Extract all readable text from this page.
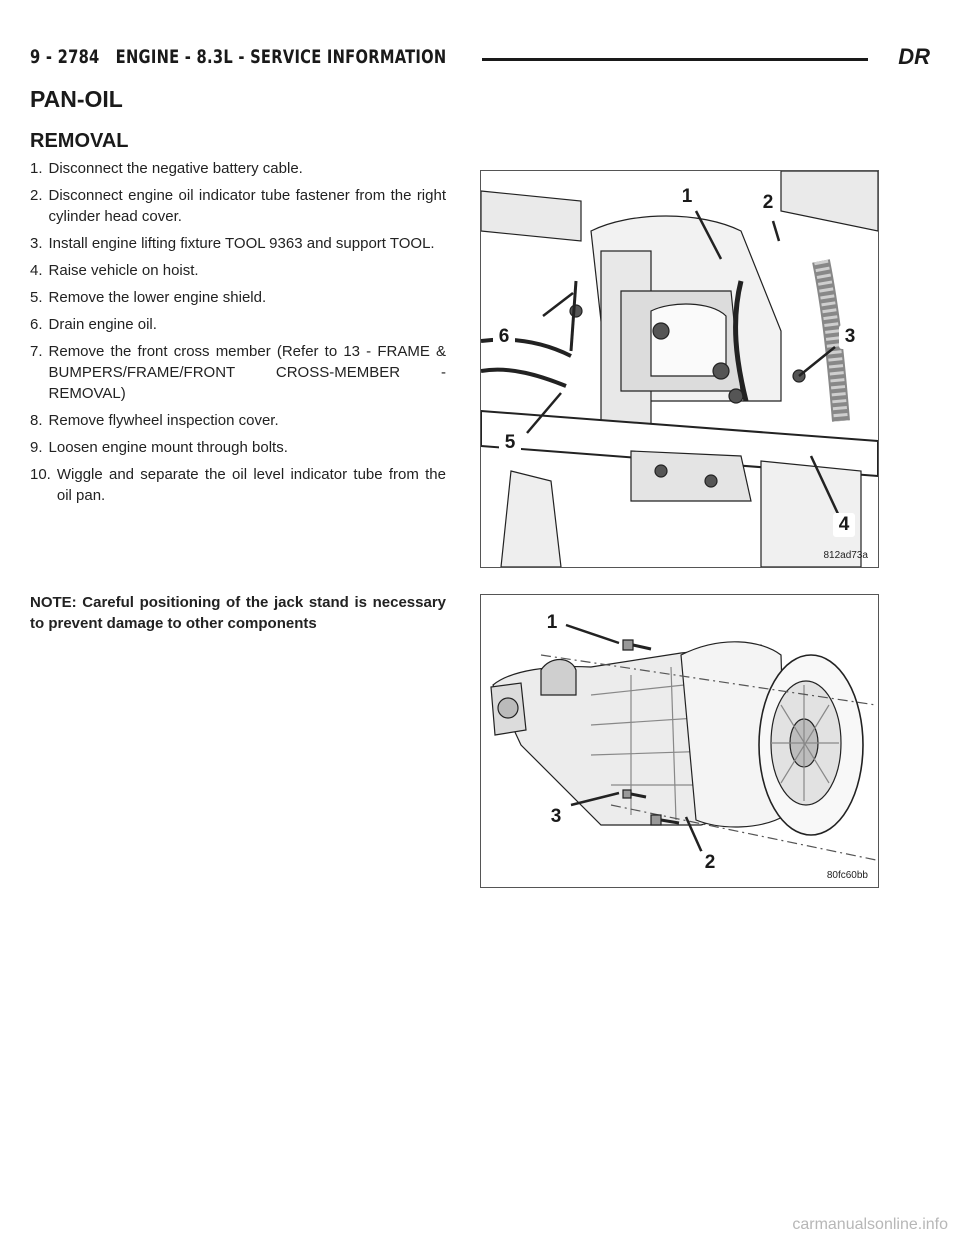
9 - 2784 ENGINE - 8.3L - SERVICE INFORMATION	DR
PAN-OIL
REMOVAL
1. Disconnect the negative battery cable.
2. Disconnect engine oil indicator tube fastener from the right cylinder head cover.
3. Install engine lifting fixture TOOL 9363 and support TOOL.
4. Raise vehicle on hoist.
5. Remove the lower engine shield.
6. Drain engine oil.
7. Remove the front cross member (Refer to 13 - FRAME & BUMPERS/FRAME/FRONT CROSS-MEMBER - REMOVAL)
8. Remove flywheel inspection cover.
9. Loosen engine mount through bolts.
10. Wiggle and separate the oil level indicator tube from the oil pan.

NOTE: Careful positioning of the jack stand is necessary to prevent damage to other components

1	2
3
4
5
6
812ad73a
1
2
3
80fc60bb
carmanualsonline.info
